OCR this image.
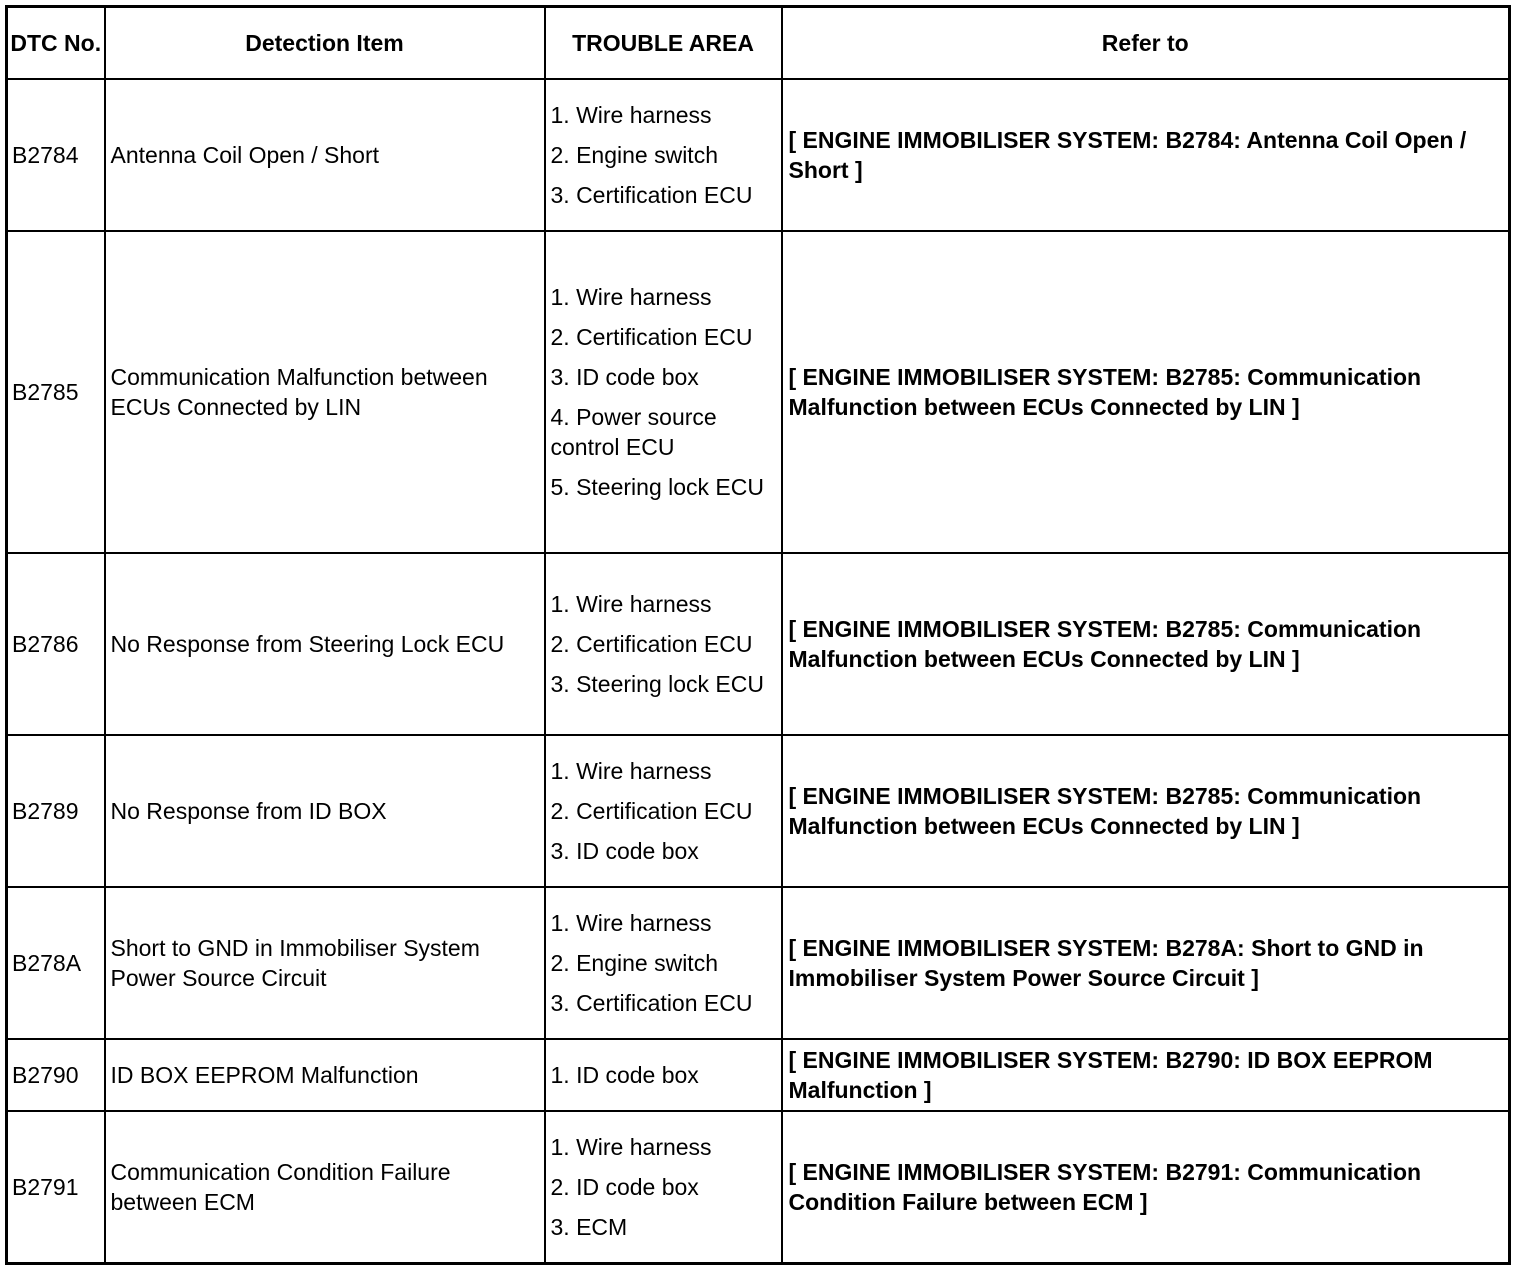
DTC No.	Detection Item	TROUBLE AREA	Refer to
B2784	Antenna Coil Open / Short	1. Wire harness
2. Engine switch
3. Certification ECU	[ ENGINE IMMOBILISER SYSTEM: B2784: Antenna Coil Open / Short ]
B2785	Communication Malfunction between ECUs Connected by LIN	1. Wire harness
2. Certification ECU
3. ID code box
4. Power source control ECU
5. Steering lock ECU	[ ENGINE IMMOBILISER SYSTEM: B2785: Communication Malfunction between ECUs Connected by LIN ]
B2786	No Response from Steering Lock ECU	1. Wire harness
2. Certification ECU
3. Steering lock ECU	[ ENGINE IMMOBILISER SYSTEM: B2785: Communication Malfunction between ECUs Connected by LIN ]
B2789	No Response from ID BOX	1. Wire harness
2. Certification ECU
3. ID code box	[ ENGINE IMMOBILISER SYSTEM: B2785: Communication Malfunction between ECUs Connected by LIN ]
B278A	Short to GND in Immobiliser System Power Source Circuit	1. Wire harness
2. Engine switch
3. Certification ECU	[ ENGINE IMMOBILISER SYSTEM: B278A: Short to GND in Immobiliser System Power Source Circuit ]
B2790	ID BOX EEPROM Malfunction	1. ID code box	[ ENGINE IMMOBILISER SYSTEM: B2790: ID BOX EEPROM Malfunction ]
B2791	Communication Condition Failure between ECM	1. Wire harness
2. ID code box
3. ECM	[ ENGINE IMMOBILISER SYSTEM: B2791: Communication Condition Failure between ECM ]
